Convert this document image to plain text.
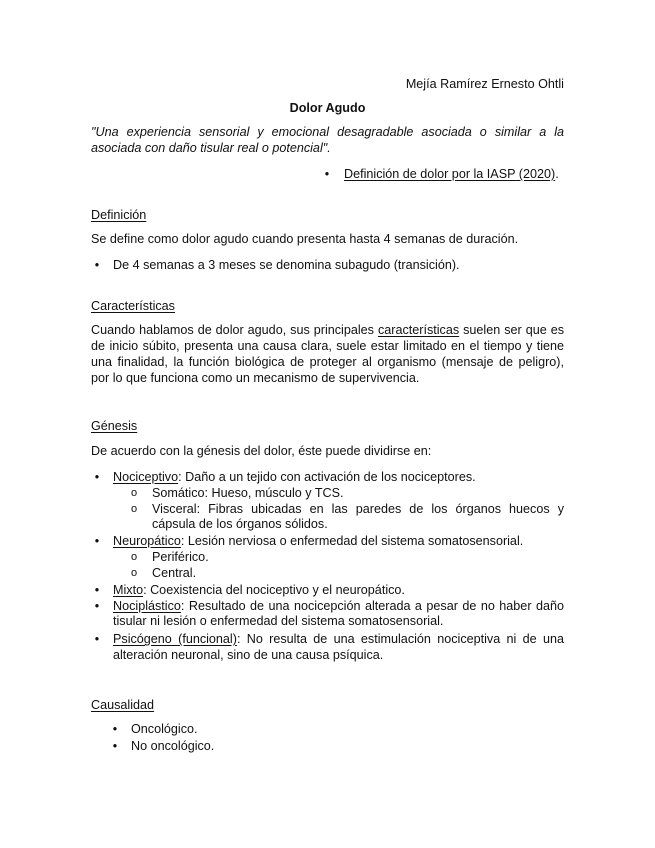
Mejía Ramírez Ernesto Ohtli
Dolor Agudo
"Una experiencia sensorial y emocional desagradable asociada o similar a la
asociada con daño tisular real o potencial".
• Definición de dolor por la IASP (2020).
Definición
Se define como dolor agudo cuando presenta hasta 4 semanas de duración.
• De 4 semanas a 3 meses se denomina subagudo (transición).
Características
Cuando hablamos de dolor agudo, sus principales características suelen ser que es
de inicio súbito, presenta una causa clara, suele estar limitado en el tiempo y tiene
una finalidad, la función biológica de proteger al organismo (mensaje de peligro),
por lo que funciona como un mecanismo de supervivencia.
Génesis
De acuerdo con la génesis del dolor, éste puede dividirse en:
• Nociceptivo: Daño a un tejido con activación de los nociceptores.
o Somático: Hueso, músculo y TCS.
o Visceral: Fibras ubicadas en las paredes de los órganos huecos y
cápsula de los órganos sólidos.
• Neuropático: Lesión nerviosa o enfermedad del sistema somatosensorial.
o Periférico.
o Central.
• Mixto: Coexistencia del nociceptivo y el neuropático.
• Nociplástico: Resultado de una nocicepción alterada a pesar de no haber daño
tisular ni lesión o enfermedad del sistema somatosensorial.
• Psicógeno (funcional): No resulta de una estimulación nociceptiva ni de una
alteración neuronal, sino de una causa psíquica.
Causalidad
• Oncológico.
• No oncológico.
